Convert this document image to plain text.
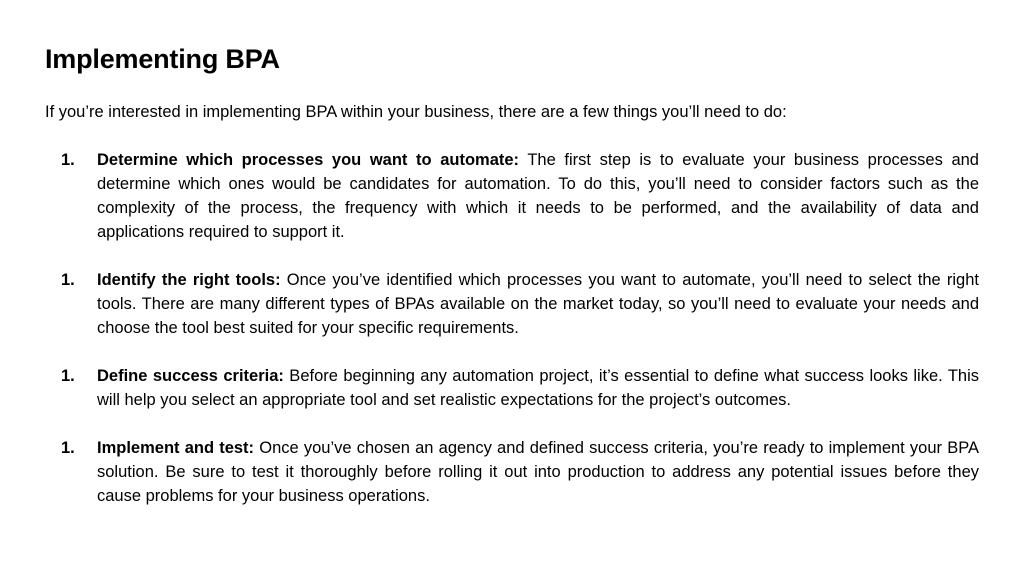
Implementing BPA

If you’re interested in implementing BPA within your business, there are a few things you’ll need to do:

1. Determine which processes you want to automate: The first step is to evaluate your business processes and determine which ones would be candidates for automation. To do this, you’ll need to consider factors such as the complexity of the process, the frequency with which it needs to be performed, and the availability of data and applications required to support it.
1. Identify the right tools: Once you’ve identified which processes you want to automate, you’ll need to select the right tools. There are many different types of BPAs available on the market today, so you’ll need to evaluate your needs and choose the tool best suited for your specific requirements.
1. Define success criteria: Before beginning any automation project, it’s essential to define what success looks like. This will help you select an appropriate tool and set realistic expectations for the project’s outcomes.
1. Implement and test: Once you’ve chosen an agency and defined success criteria, you’re ready to implement your BPA solution. Be sure to test it thoroughly before rolling it out into production to address any potential issues before they cause problems for your business operations.
